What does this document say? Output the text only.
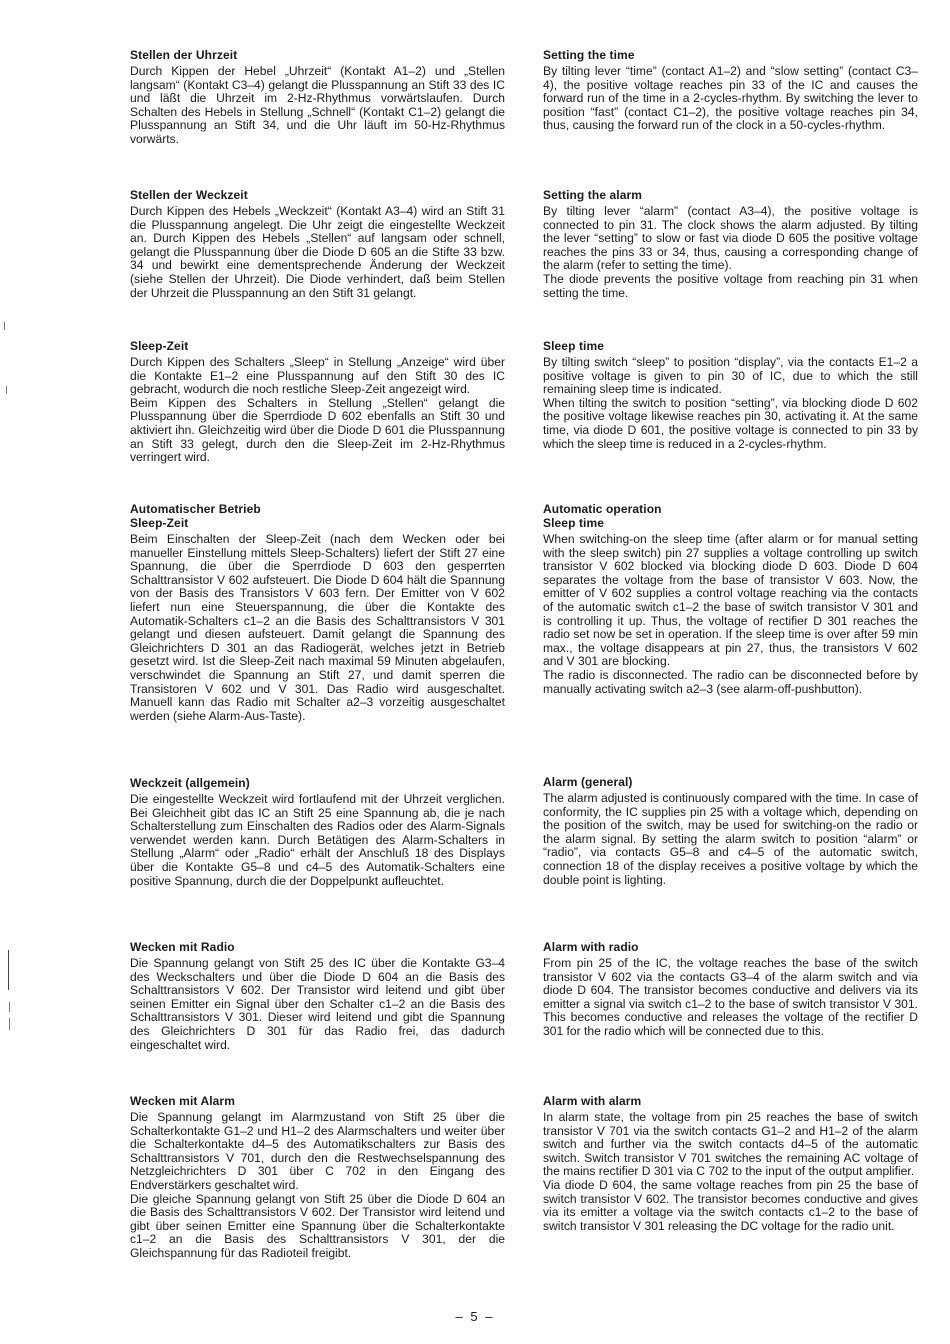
Stellen der Uhrzeit

Durch Kippen der Hebel „Uhrzeit“ (Kontakt A1–2) und „Stellen langsam“ (Kontakt C3–4) gelangt die Plusspannung an Stift 33 des IC und läßt die Uhrzeit im 2-Hz-Rhythmus vorwärtslaufen. Durch Schalten des Hebels in Stellung „Schnell“ (Kontakt C1–2) gelangt die Plusspannung an Stift 34, und die Uhr läuft im 50-Hz-Rhythmus vorwärts.

Stellen der Weckzeit

Durch Kippen des Hebels „Weckzeit“ (Kontakt A3–4) wird an Stift 31 die Plusspannung angelegt. Die Uhr zeigt die eingestellte Weckzeit an. Durch Kippen des Hebels „Stellen“ auf langsam oder schnell, gelangt die Plusspannung über die Diode D 605 an die Stifte 33 bzw. 34 und bewirkt eine dementsprechende Änderung der Weckzeit (siehe Stellen der Uhrzeit). Die Diode verhindert, daß beim Stellen der Uhrzeit die Plusspannung an den Stift 31 gelangt.

Sleep-Zeit

Durch Kippen des Schalters „Sleep“ in Stellung „Anzeige“ wird über die Kontakte E1–2 eine Plusspannung auf den Stift 30 des IC gebracht, wodurch die noch restliche Sleep-Zeit angezeigt wird.

Beim Kippen des Schalters in Stellung „Stellen“ gelangt die Plusspannung über die Sperrdiode D 602 ebenfalls an Stift 30 und aktiviert ihn. Gleichzeitig wird über die Diode D 601 die Plusspannung an Stift 33 gelegt, durch den die Sleep-Zeit im 2-Hz-Rhythmus verringert wird.

Automatischer Betrieb
Sleep-Zeit

Beim Einschalten der Sleep-Zeit (nach dem Wecken oder bei manueller Einstellung mittels Sleep-Schalters) liefert der Stift 27 eine Spannung, die über die Sperrdiode D 603 den gesperrten Schalttransistor V 602 aufsteuert. Die Diode D 604 hält die Spannung von der Basis des Transistors V 603 fern. Der Emitter von V 602 liefert nun eine Steuerspannung, die über die Kontakte des Automatik-Schalters c1–2 an die Basis des Schalttransistors V 301 gelangt und diesen aufsteuert. Damit gelangt die Spannung des Gleichrichters D 301 an das Radiogerät, welches jetzt in Betrieb gesetzt wird. Ist die Sleep-Zeit nach maximal 59 Minuten abgelaufen, verschwindet die Spannung an Stift 27, und damit sperren die Transistoren V 602 und V 301. Das Radio wird ausgeschaltet. Manuell kann das Radio mit Schalter a2–3 vorzeitig ausgeschaltet werden (siehe Alarm-Aus-Taste).

Weckzeit (allgemein)

Die eingestellte Weckzeit wird fortlaufend mit der Uhrzeit verglichen. Bei Gleichheit gibt das IC an Stift 25 eine Spannung ab, die je nach Schalterstellung zum Einschalten des Radios oder des Alarm-Signals verwendet werden kann. Durch Betätigen des Alarm-Schalters in Stellung „Alarm“ oder „Radio“ erhält der Anschluß 18 des Displays über die Kontakte G5–8 und c4–5 des Automatik-Schalters eine positive Spannung, durch die der Doppelpunkt aufleuchtet.

Wecken mit Radio

Die Spannung gelangt von Stift 25 des IC über die Kontakte G3–4 des Weckschalters und über die Diode D 604 an die Basis des Schalttransistors V 602. Der Transistor wird leitend und gibt über seinen Emitter ein Signal über den Schalter c1–2 an die Basis des Schalttransistors V 301. Dieser wird leitend und gibt die Spannung des Gleichrichters D 301 für das Radio frei, das dadurch eingeschaltet wird.

Wecken mit Alarm

Die Spannung gelangt im Alarmzustand von Stift 25 über die Schalterkontakte G1–2 und H1–2 des Alarmschalters und weiter über die Schalterkontakte d4–5 des Automatikschalters zur Basis des Schalttransistors V 701, durch den die Restwechselspannung des Netzgleichrichters D 301 über C 702 in den Eingang des Endverstärkers geschaltet wird.

Die gleiche Spannung gelangt von Stift 25 über die Diode D 604 an die Basis des Schalttransistors V 602. Der Transistor wird leitend und gibt über seinen Emitter eine Spannung über die Schalterkontakte c1–2 an die Basis des Schalttransistors V 301, der die Gleichspannung für das Radioteil freigibt.

Setting the time

By tilting lever “time” (contact A1–2) and “slow setting” (contact C3–4), the positive voltage reaches pin 33 of the IC and causes the forward run of the time in a 2-cycles-rhythm. By switching the lever to position “fast” (contact C1–2), the positive voltage reaches pin 34, thus, causing the forward run of the clock in a 50-cycles-rhythm.

Setting the alarm

By tilting lever “alarm” (contact A3–4), the positive voltage is connected to pin 31. The clock shows the alarm adjusted. By tilting the lever “setting” to slow or fast via diode D 605 the positive voltage reaches the pins 33 or 34, thus, causing a corresponding change of the alarm (refer to setting the time).

The diode prevents the positive voltage from reaching pin 31 when setting the time.

Sleep time

By tilting switch “sleep” to position “display”, via the contacts E1–2 a positive voltage is given to pin 30 of IC, due to which the still remaining sleep time is indicated.

When tilting the switch to position “setting”, via blocking diode D 602 the positive voltage likewise reaches pin 30, activating it. At the same time, via diode D 601, the positive voltage is connected to pin 33 by which the sleep time is reduced in a 2-cycles-rhythm.

Automatic operation
Sleep time

When switching-on the sleep time (after alarm or for manual setting with the sleep switch) pin 27 supplies a voltage controlling up switch transistor V 602 blocked via blocking diode D 603. Diode D 604 separates the voltage from the base of transistor V 603. Now, the emitter of V 602 supplies a control voltage reaching via the contacts of the automatic switch c1–2 the base of switch transistor V 301 and is controlling it up. Thus, the voltage of rectifier D 301 reaches the radio set now be set in operation. If the sleep time is over after 59 min max., the voltage disappears at pin 27, thus, the transistors V 602 and V 301 are blocking.

The radio is disconnected. The radio can be disconnected before by manually activating switch a2–3 (see alarm-off-pushbutton).

Alarm (general)

The alarm adjusted is continuously compared with the time. In case of conformity, the IC supplies pin 25 with a voltage which, depending on the position of the switch, may be used for switching-on the radio or the alarm signal. By setting the alarm switch to position “alarm” or “radio”, via contacts G5–8 and c4–5 of the automatic switch, connection 18 of the display receives a positive voltage by which the double point is lighting.

Alarm with radio

From pin 25 of the IC, the voltage reaches the base of the switch transistor V 602 via the contacts G3–4 of the alarm switch and via diode D 604. The transistor becomes conductive and delivers via its emitter a signal via switch c1–2 to the base of switch transistor V 301. This becomes conductive and releases the voltage of the rectifier D 301 for the radio which will be connected due to this.

Alarm with alarm

In alarm state, the voltage from pin 25 reaches the base of switch transistor V 701 via the switch contacts G1–2 and H1–2 of the alarm switch and further via the switch contacts d4–5 of the automatic switch. Switch transistor V 701 switches the remaining AC voltage of the mains rectifier D 301 via C 702 to the input of the output amplifier.

Via diode D 604, the same voltage reaches from pin 25 the base of switch transistor V 602. The transistor becomes conductive and gives via its emitter a voltage via the switch contacts c1–2 to the base of switch transistor V 301 releasing the DC voltage for the radio unit.

– 5 –
